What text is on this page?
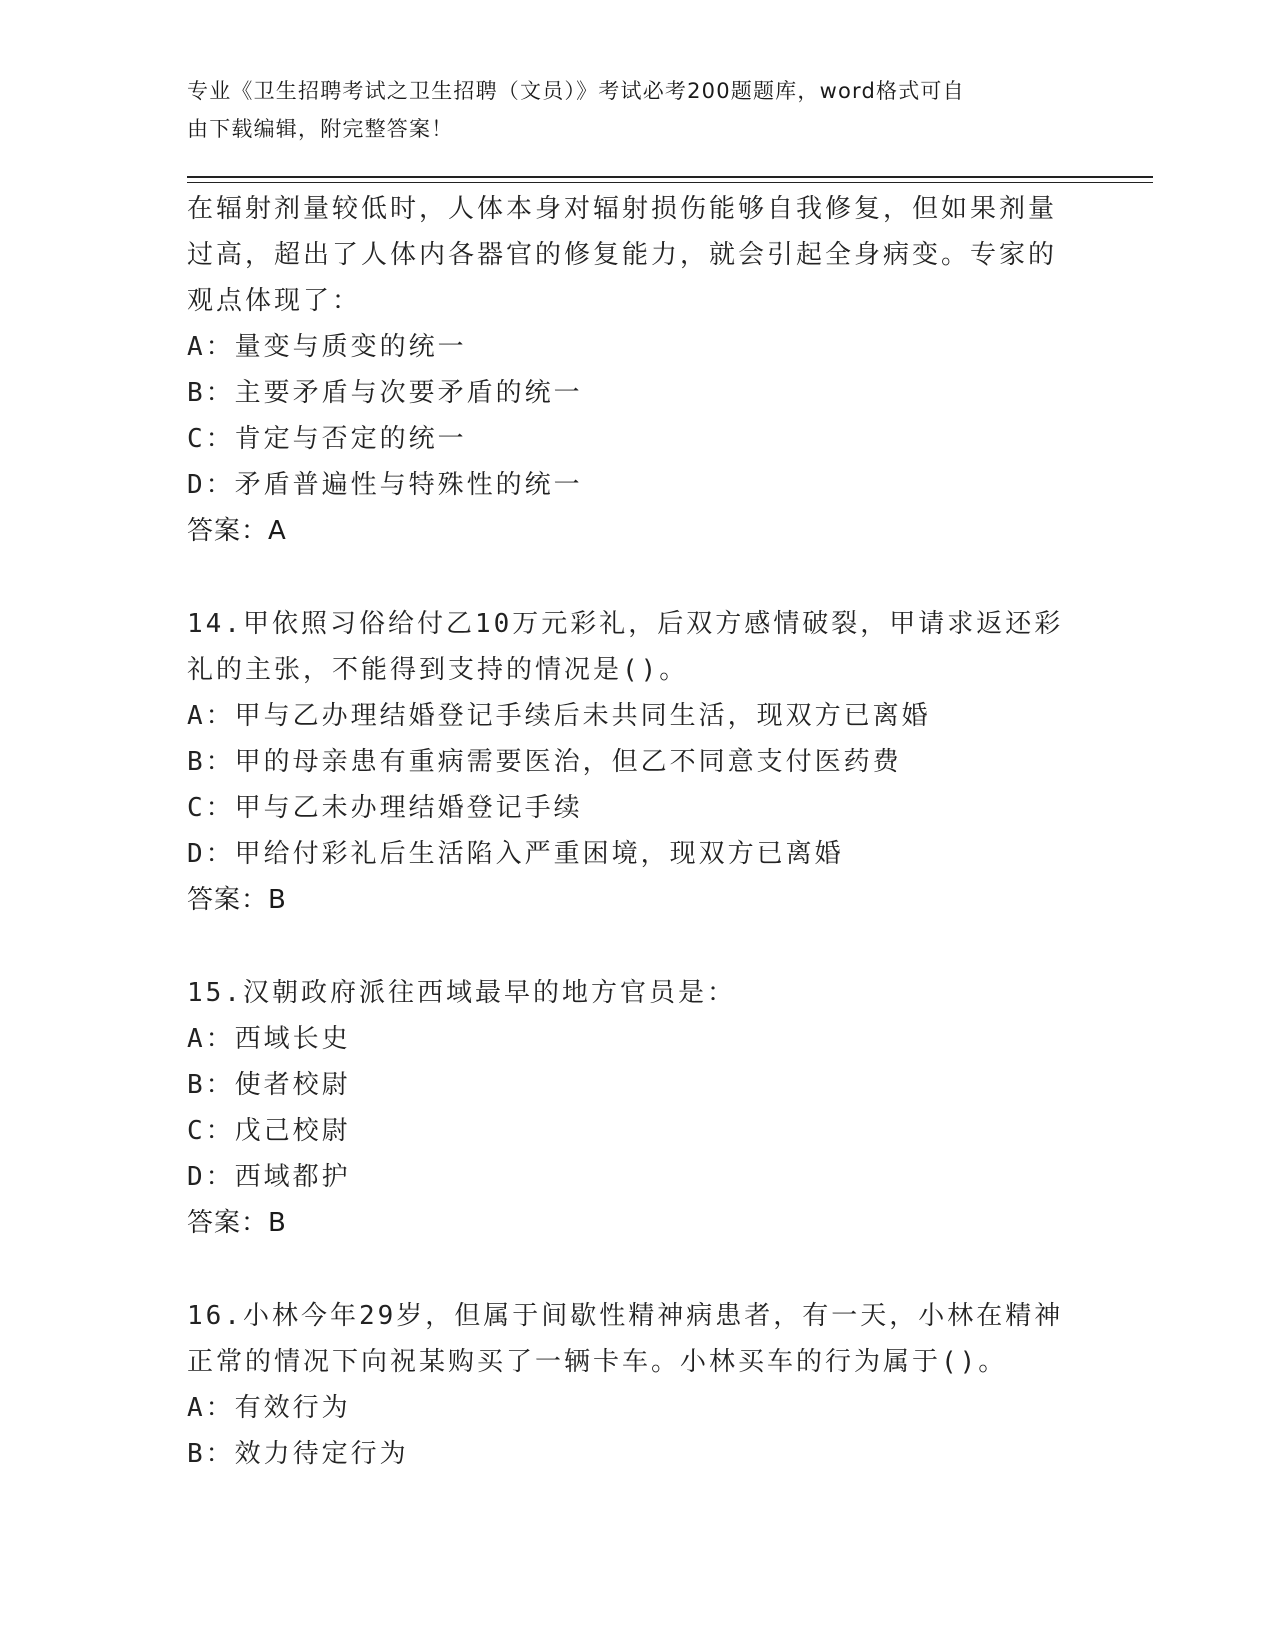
专业《卫生招聘考试之卫生招聘（文员）》考试必考200题题库，word格式可自
由下载编辑，附完整答案！
在辐射剂量较低时，人体本身对辐射损伤能够自我修复，但如果剂量
过高，超出了人体内各器官的修复能力，就会引起全身病变。专家的
观点体现了：
A：量变与质变的统一
B：主要矛盾与次要矛盾的统一
C：肯定与否定的统一
D：矛盾普遍性与特殊性的统一
答案：A
14.甲依照习俗给付乙10万元彩礼，后双方感情破裂，甲请求返还彩
礼的主张，不能得到支持的情况是()。
A：甲与乙办理结婚登记手续后未共同生活，现双方已离婚
B：甲的母亲患有重病需要医治，但乙不同意支付医药费
C：甲与乙未办理结婚登记手续
D：甲给付彩礼后生活陷入严重困境，现双方已离婚
答案：B
15.汉朝政府派往西域最早的地方官员是：
A：西域长史
B：使者校尉
C：戊己校尉
D：西域都护
答案：B
16.小林今年29岁，但属于间歇性精神病患者，有一天，小林在精神
正常的情况下向祝某购买了一辆卡车。小林买车的行为属于()。
A：有效行为
B：效力待定行为
